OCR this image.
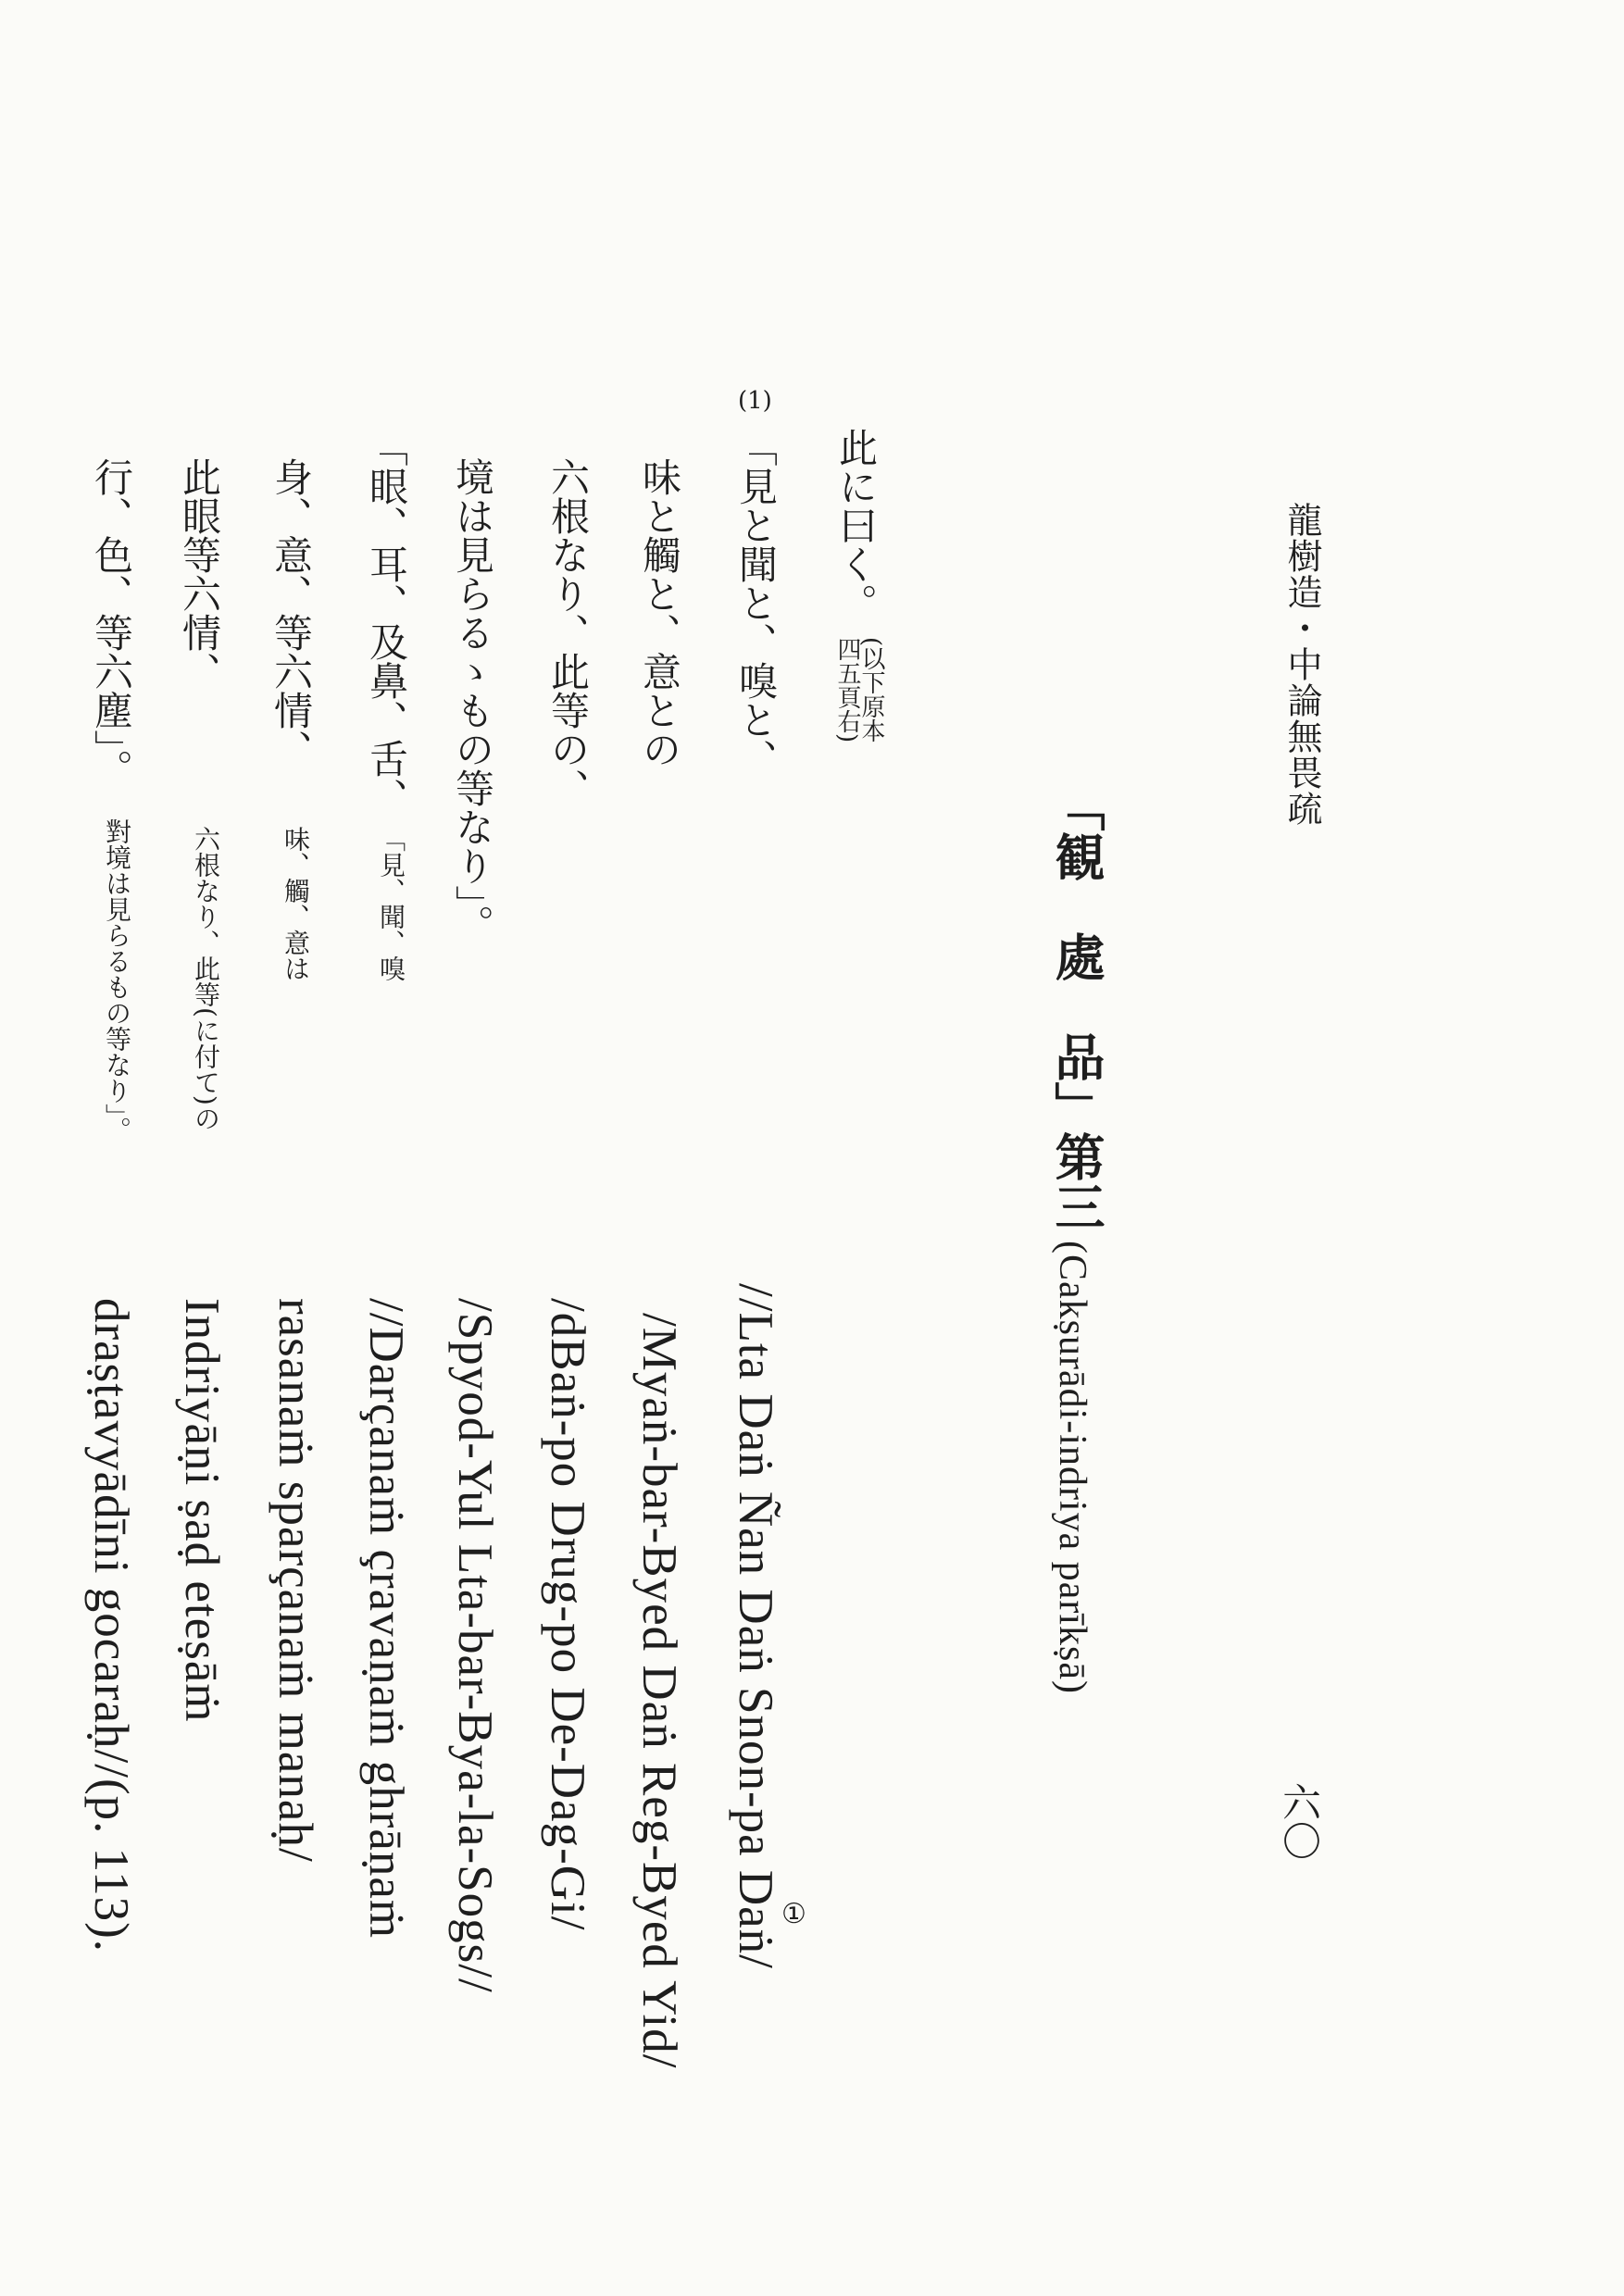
龍樹造・中論無畏疏
六〇
「観　處　品」第三
(Cakṣurādi-indriya parīkṣā)
此に曰く。
(以下原本
四五頁右)
(1)
「見と聞と、嗅と、
味と觸と、意との
六根なり、此等の、
境は見らるゝもの等なり」。
「眼、耳、及鼻、舌、
身、意、等六情、
此眼等六情、
行、色、等六塵」。
「見、聞、嗅
味、觸、意は
六根なり、此等(に付て)の
對境は見らるもの等なり」。
//Lta Daṅ Ñan Daṅ Snon-pa Daṅ/ ①
/Myaṅ-bar-Byed Daṅ Reg-Byed Yid/
/dBaṅ-po Drug-po De-Dag-Gi/
/Spyod-Yul Lta-bar-Bya-la-Sogs//
//Darçanaṁ çravaṇaṁ ghrāṇaṁ
rasanaṁ sparçanaṁ manaḥ/
Indriyāṇi ṣaḍ eteṣāṁ
draṣṭavyādīni gocaraḥ//(p. 113).
